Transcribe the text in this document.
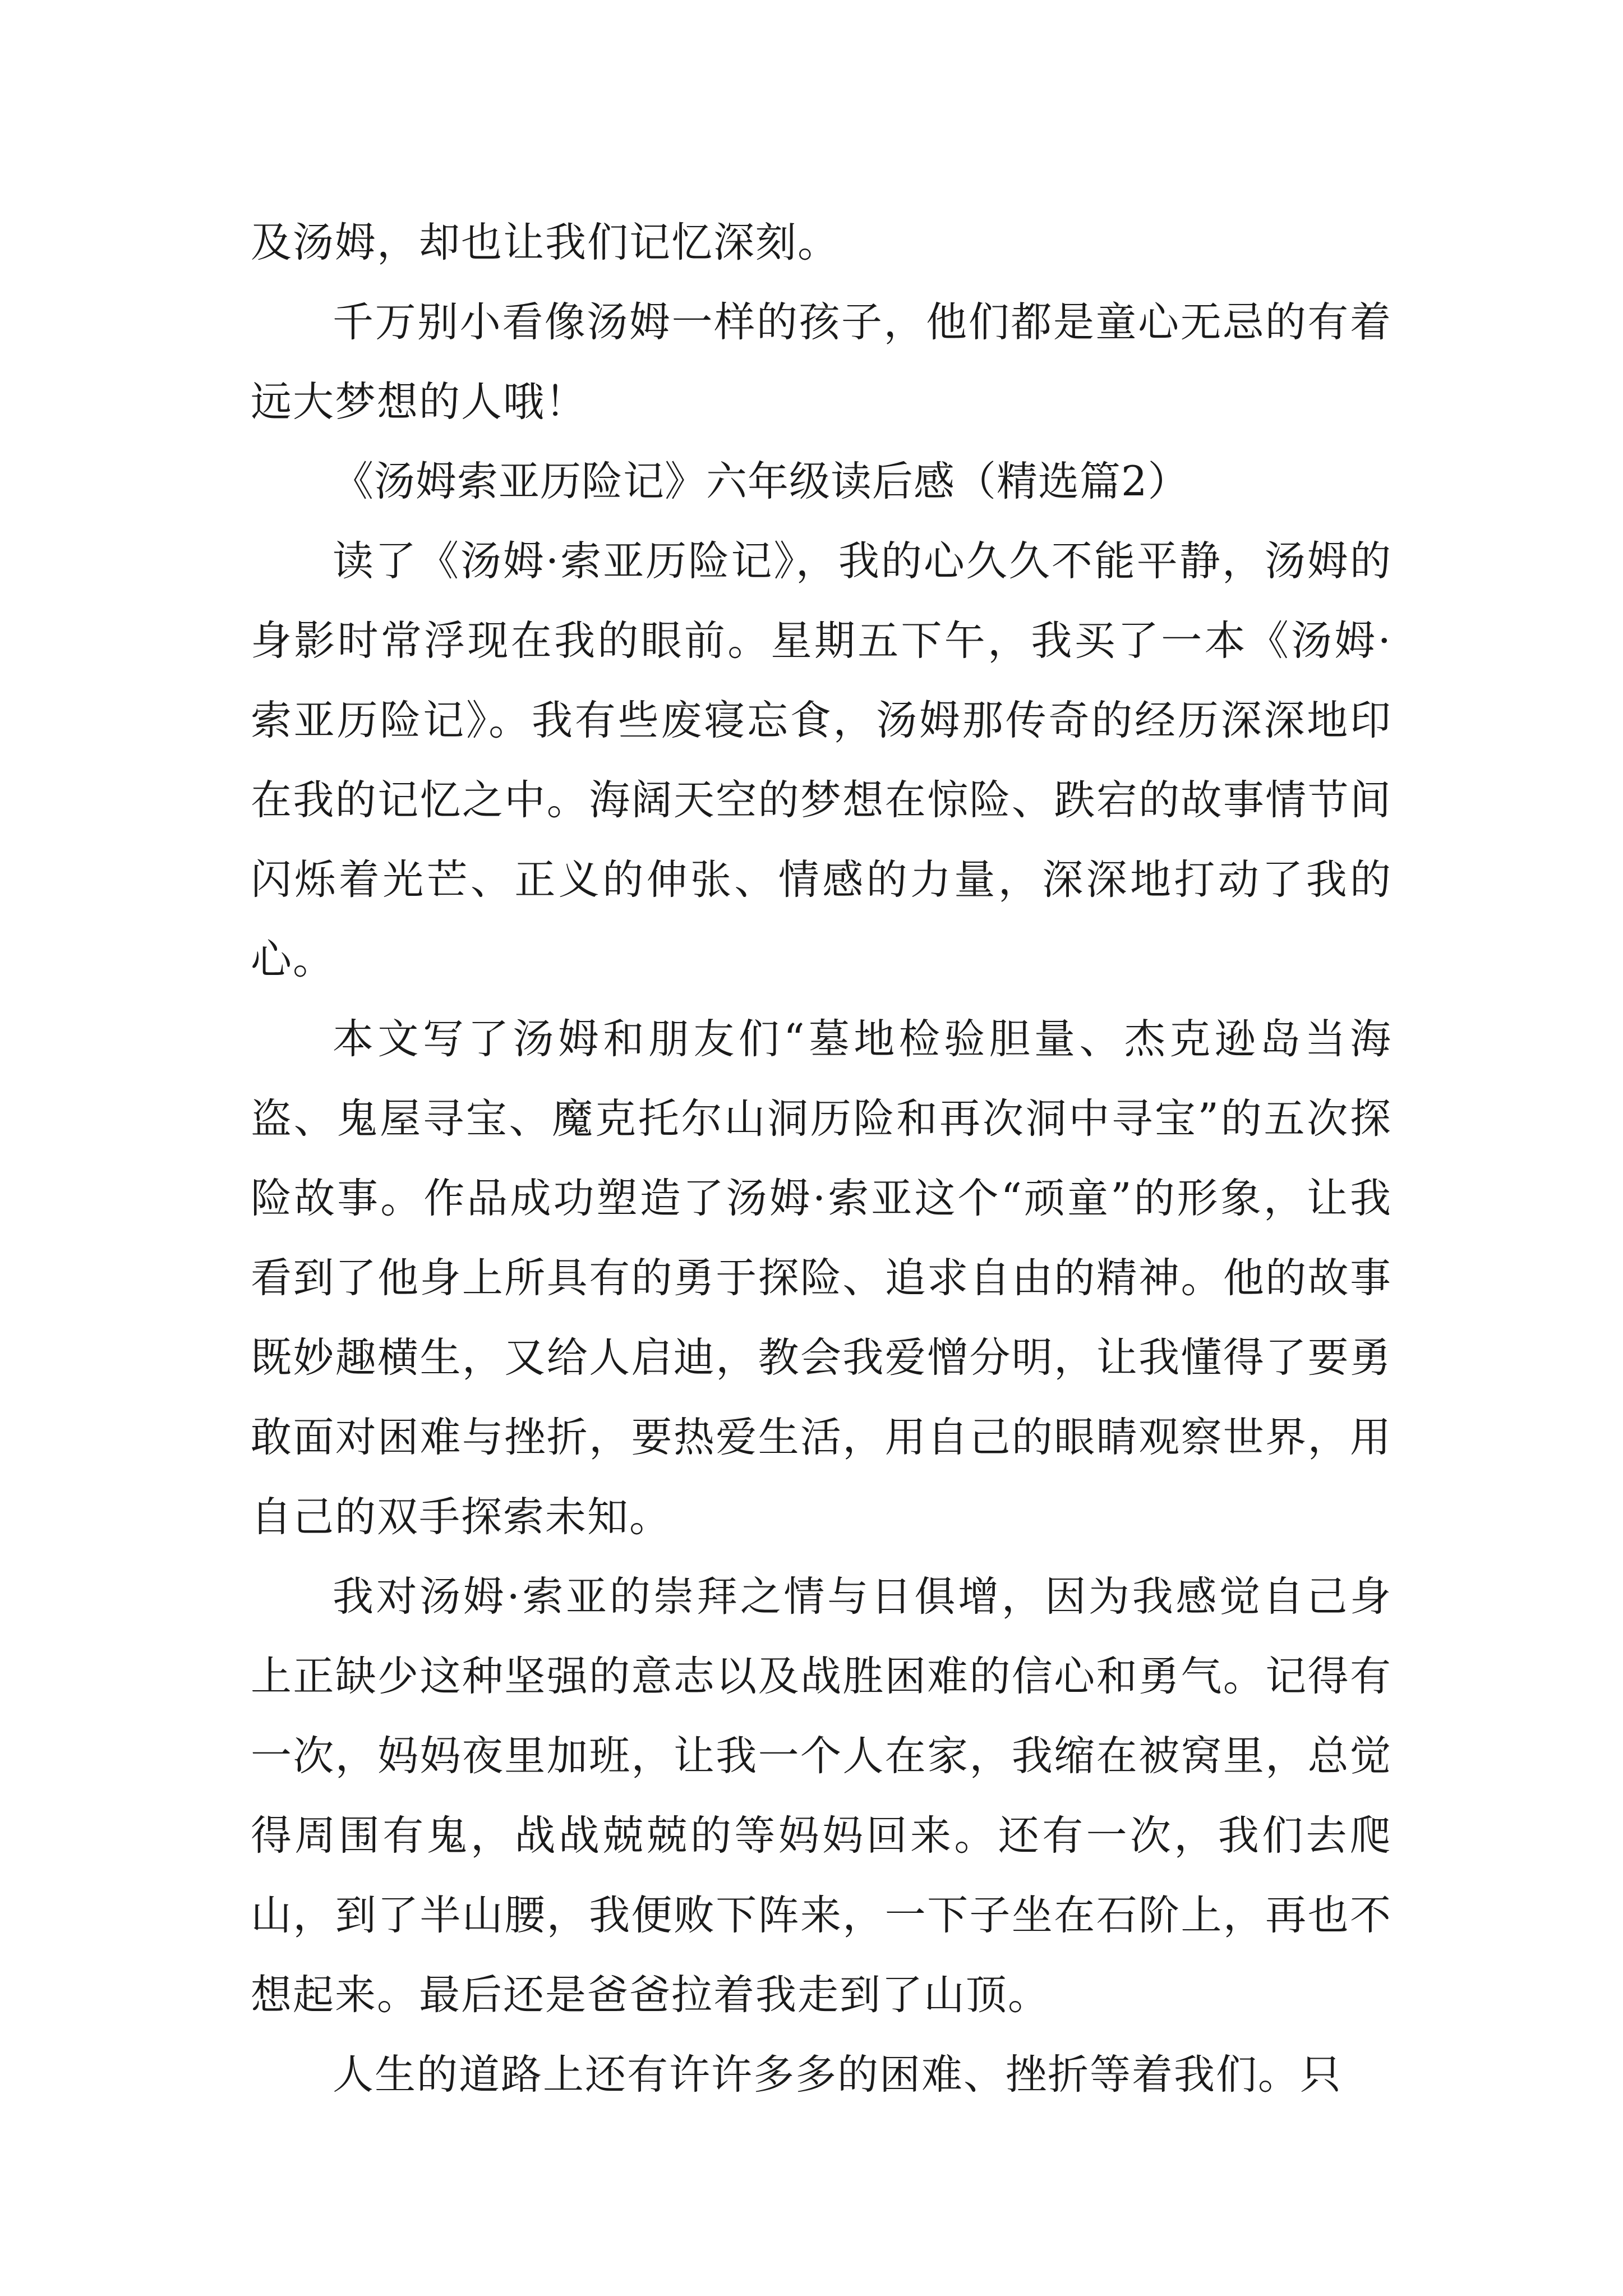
及汤姆，却也让我们记忆深刻。

千万别小看像汤姆一样的孩子，他们都是童心无忌的有着远大梦想的人哦！

《汤姆索亚历险记》六年级读后感（精选篇2）

读了《汤姆·索亚历险记》，我的心久久不能平静，汤姆的身影时常浮现在我的眼前。星期五下午，我买了一本《汤姆·索亚历险记》。我有些废寝忘食，汤姆那传奇的经历深深地印在我的记忆之中。海阔天空的梦想在惊险、跌宕的故事情节间闪烁着光芒、正义的伸张、情感的力量，深深地打动了我的心。

本文写了汤姆和朋友们“墓地检验胆量、杰克逊岛当海盗、鬼屋寻宝、魔克托尔山洞历险和再次洞中寻宝”的五次探险故事。作品成功塑造了汤姆·索亚这个“顽童”的形象，让我看到了他身上所具有的勇于探险、追求自由的精神。他的故事既妙趣横生，又给人启迪，教会我爱憎分明，让我懂得了要勇敢面对困难与挫折，要热爱生活，用自己的眼睛观察世界，用自己的双手探索未知。

我对汤姆·索亚的崇拜之情与日俱增，因为我感觉自己身上正缺少这种坚强的意志以及战胜困难的信心和勇气。记得有一次，妈妈夜里加班，让我一个人在家，我缩在被窝里，总觉得周围有鬼，战战兢兢的等妈妈回来。还有一次，我们去爬山，到了半山腰，我便败下阵来，一下子坐在石阶上，再也不想起来。最后还是爸爸拉着我走到了山顶。

人生的道路上还有许许多多的困难、挫折等着我们。只
